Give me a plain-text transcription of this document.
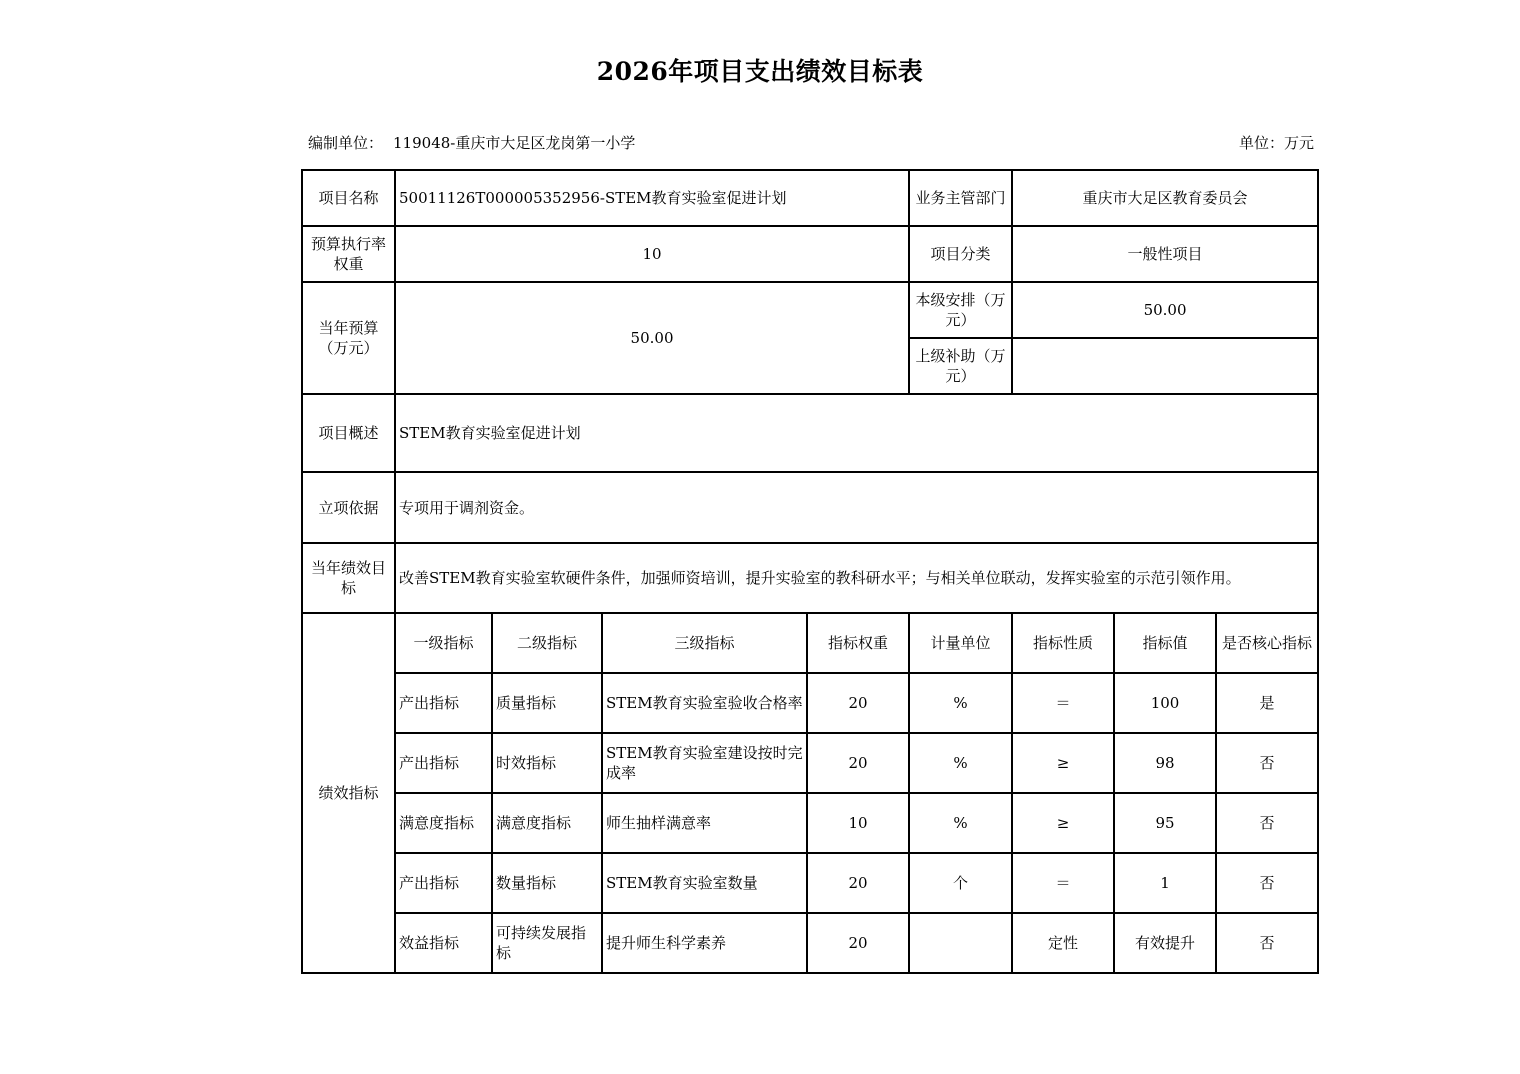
2026年项目支出绩效目标表
编制单位： 119048-重庆市大足区龙岗第一小学	单位：万元
项目名称	50011126T000005352956-STEM教育实验室促进计划				业务主管部门	重庆市大足区教育委员会		
预算执行率权重	10				项目分类	一般性项目		
当年预算（万元）	50.00				本级安排（万元）	50.00		
					上级补助（万元）			
项目概述	STEM教育实验室促进计划							
立项依据	专项用于调剂资金。							
当年绩效目标	改善STEM教育实验室软硬件条件，加强师资培训，提升实验室的教科研水平；与相关单位联动，发挥实验室的示范引领作用。							
绩效指标	一级指标	二级指标	三级指标	指标权重	计量单位	指标性质	指标值	是否核心指标
	产出指标	质量指标	STEM教育实验室验收合格率	20	%	＝	100	是
	产出指标	时效指标	STEM教育实验室建设按时完成率	20	%	≥	98	否
	满意度指标	满意度指标	师生抽样满意率	10	%	≥	95	否
	产出指标	数量指标	STEM教育实验室数量	20	个	＝	1	否
	效益指标	可持续发展指标	提升师生科学素养	20		定性	有效提升	否
